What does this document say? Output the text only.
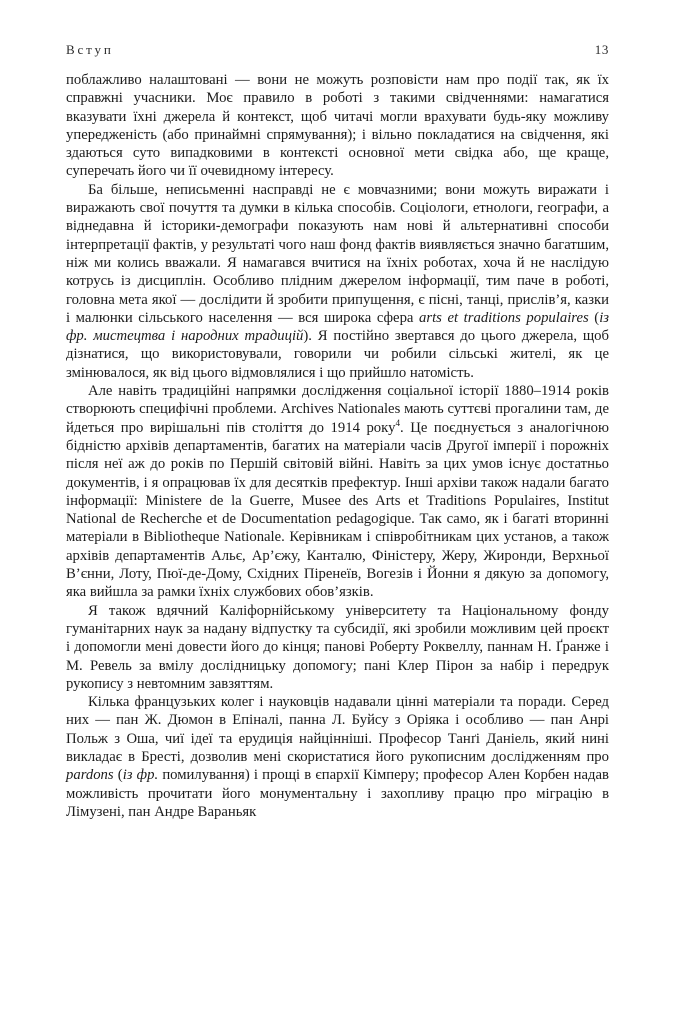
Вступ	13

поблажливо налаштовані — вони не можуть розповісти нам про події так, як їх справжні учасники. Моє правило в роботі з такими свідченнями: намагатися вказувати їхні джерела й контекст, щоб читачі могли врахувати будь-яку можливу упередженість (або принаймні спрямування); і вільно покладатися на свідчення, які здаються суто випадковими в контексті основної мети свідка або, ще краще, суперечать його чи її очевидному інтересу.

Ба більше, неписьменні насправді не є мовчазними; вони можуть виражати і виражають свої почуття та думки в кілька способів. Соціологи, етнологи, географи, а віднедавна й історики-демографи показують нам нові й альтернативні способи інтерпретації фактів, у результаті чого наш фонд фактів виявляється значно багатшим, ніж ми колись вважали. Я намагався вчитися на їхніх роботах, хоча й не наслідую котрусь із дисциплін. Особливо плідним джерелом інформації, тим паче в роботі, головна мета якої — дослідити й зробити припущення, є пісні, танці, прислів’я, казки і малюнки сільського населення — вся широка сфера arts et traditions populaires (із фр. мистецтва і народних традицій). Я постійно звертався до цього джерела, щоб дізнатися, що використовували, говорили чи робили сільські жителі, як це змінювалося, як від цього відмовлялися і що прийшло натомість.

Але навіть традиційні напрямки дослідження соціальної історії 1880–1914 років створюють специфічні проблеми. Archives Nationales мають суттєві прогалини там, де йдеться про вирішальні пів століття до 1914 року$^4$. Це поєднується з аналогічною бідністю архівів департаментів, багатих на матеріали часів Другої імперії і порожніх після неї аж до років по Першій світовій війні. Навіть за цих умов існує достатньо документів, і я опрацював їх для десятків префектур. Інші архіви також надали багато інформації: Ministere de la Guerre, Musee des Arts et Traditions Populaires, Institut National de Recherche et de Documentation pedagogique. Так само, як і багаті вторинні матеріали в Bibliotheque Nationale. Керівникам і співробітникам цих установ, а також архівів департаментів Альє, Ар’єжу, Канталю, Фіністеру, Жеру, Жиронди, Верхньої В’єнни, Лоту, Пюї-де-Дому, Східних Піренеїв, Вогезів і Йонни я дякую за допомогу, яка вийшла за рамки їхніх службових обов’язків.

Я також вдячний Каліфорнійському університету та Національному фонду гуманітарних наук за надану відпустку та субсидії, які зробили можливим цей проєкт і допомогли мені довести його до кінця; панові Роберту Роквеллу, паннам Н. Ґранже і М. Ревель за вмілу дослідницьку допомогу; пані Клер Пірон за набір і передрук рукопису з невтомним завзяттям.

Кілька французьких колег і науковців надавали цінні матеріали та поради. Серед них — пан Ж. Дюмон в Епіналі, панна Л. Буйсу з Оріяка і особливо — пан Анрі Польж з Оша, чиї ідеї та ерудиція найцінніші. Професор Танґі Даніель, який нині викладає в Бресті, дозволив мені скористатися його рукописним дослідженням про pardons (із фр. помилування) і прощі в єпархії Кімперу; професор Ален Корбен надав можливість прочитати його монументальну і захопливу працю про міграцію в Лімузені, пан Андре Вараньяк
